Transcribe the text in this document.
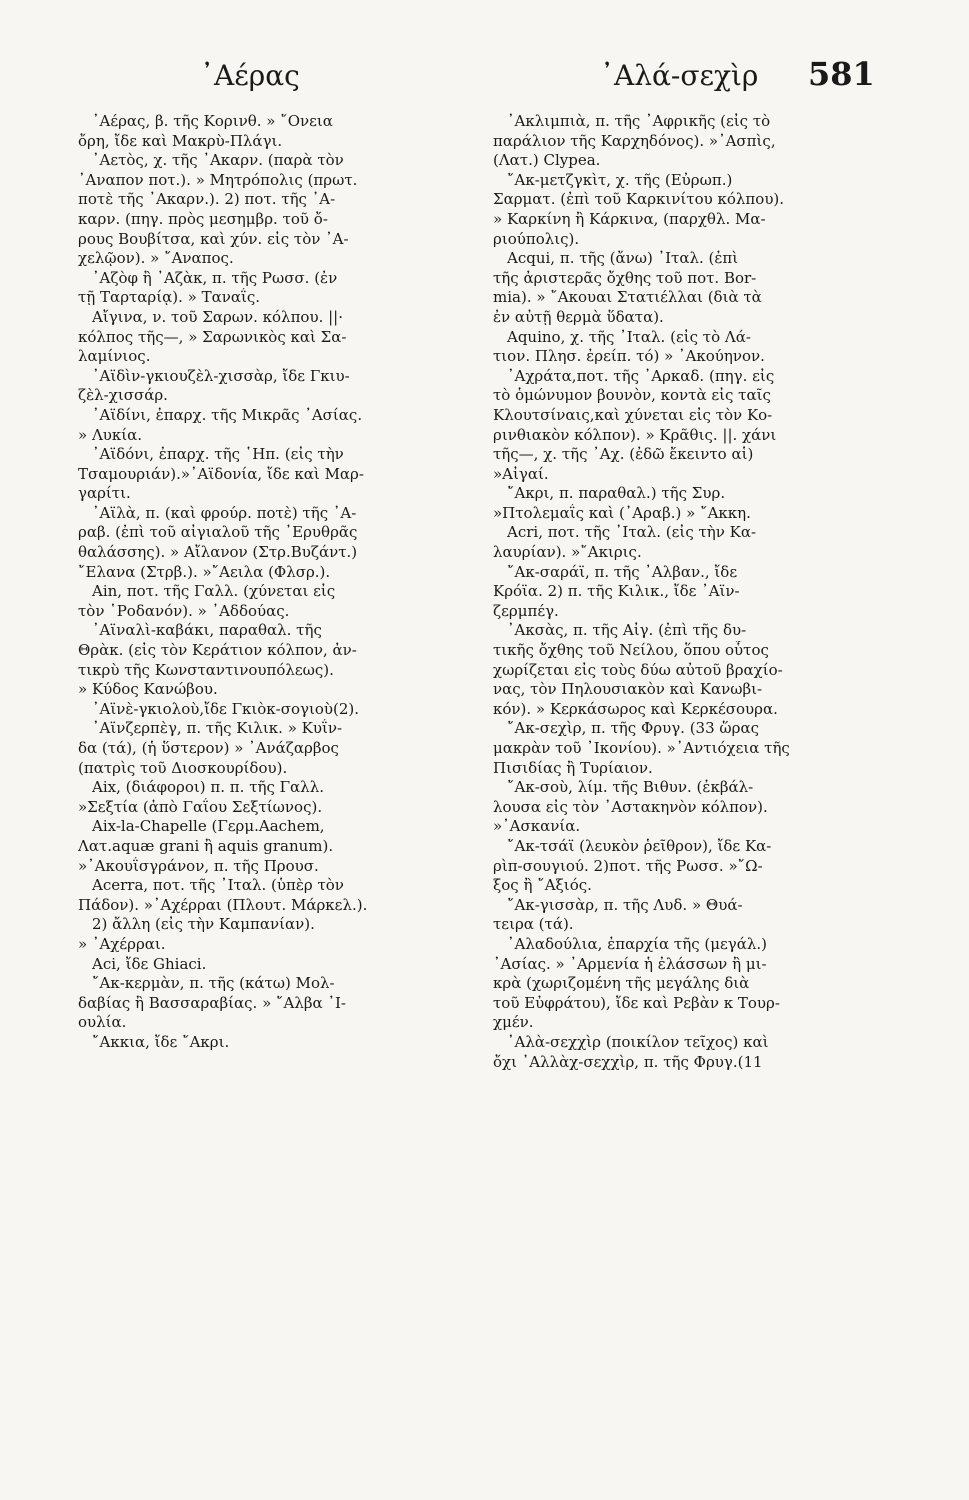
᾿Αέρας	᾿Αλά-σεχὶρ 581
᾿Αέρας, β. τῆς Κορινθ. » ῎Ονεια
ὄρη, ἴδε καὶ Μακρὺ-Πλάγι.
᾿Αετὸς, χ. τῆς ᾿Ακαρν. (παρὰ τὸν
᾿Αναπον ποτ.). » Μητρόπολις (πρωτ.
ποτὲ τῆς ᾿Ακαρν.). 2) ποτ. τῆς ᾿Α-
καρν. (πηγ. πρὸς μεσημβρ. τοῦ ὄ-
ρους Βουβίτσα, καὶ χύν. εἰς τὸν ᾿Α-
χελῷον). » ῎Αναπος.
᾿Αζὸφ ἢ ᾿Αζὰκ, π. τῆς Ρωσσ. (ἐν
τῇ Ταρταρίᾳ). » Ταναΐς.
Αἴγινα, ν. τοῦ Σαρων. κόλπου. ||·
κόλπος τῆς—, » Σαρωνικὸς καὶ Σα-
λαμίνιος.
᾿Αϊδὶν-γκιουζὲλ-χισσὰρ, ἴδε Γκιυ-
ζὲλ-χισσάρ.
᾿Αϊδίνι, ἐπαρχ. τῆς Μικρᾶς ᾿Ασίας.
» Λυκία.
᾿Αϊδόνι, ἐπαρχ. τῆς ῾Ηπ. (εἰς τὴν
Τσαμουριάν).»᾿Αϊδονία, ἴδε καὶ Μαρ-
γαρίτι.
᾿Αϊλὰ, π. (καὶ φρούρ. ποτὲ) τῆς ᾿Α-
ραβ. (ἐπὶ τοῦ αἰγιαλοῦ τῆς ᾿Ερυθρᾶς
θαλάσσης). » Αἴλανον (Στρ.Βυζάντ.)
῎Ελανα (Στρβ.). »῎Αειλα (Φλσρ.).
Ain, ποτ. τῆς Γαλλ. (χύνεται εἰς
τὸν ῾Ροδανόν). » ᾿Αδδούας.
᾿Αϊναλὶ-καβάκι, παραθαλ. τῆς
Θρὰκ. (εἰς τὸν Κεράτιον κόλπον, ἀν-
τικρὺ τῆς Κωνσταντινουπόλεως).
» Κύδος Κανώβου.
᾿Αϊνὲ-γκιολοὺ,ἴδε Γκιὸκ-σογιοὺ(2).
᾿Αϊνζερπὲγ, π. τῆς Κιλικ. » Κυΐν-
δα (τά), (ἡ ὕστερον) » ᾿Ανάζαρβος
(πατρὶς τοῦ Διοσκουρίδου).
Aix, (διάφοροι) π. π. τῆς Γαλλ.
»Σεξτία (ἀπὸ Γαΐου Σεξτίωνος).
Aix-la-Chapelle (Γερμ.Aachem,
Λατ.aquæ grani ἢ aquis granum).
»᾿Ακουΐσγράνον, π. τῆς Προυσ.
Acerra, ποτ. τῆς ᾿Ιταλ. (ὑπὲρ τὸν
Πάδον). »᾿Αχέρραι (Πλουτ. Μάρκελ.).
2) ἄλλη (εἰς τὴν Καμπανίαν).
» ᾿Αχέρραι.
Aci, ἴδε Ghiaci.
῎Ακ-κερμὰν, π. τῆς (κάτω) Μολ-
δαβίας ἢ Βασσαραβίας. » ῎Αλβα ᾿Ι-
ουλία.
῎Ακκια, ἴδε ῎Ακρι.
᾿Ακλιμπιὰ, π. τῆς ᾿Αφρικῆς (εἰς τὸ
παράλιον τῆς Καρχηδόνος). »᾿Ασπὶς,
(Λατ.) Clypea.
῎Ακ-μετζγκὶτ, χ. τῆς (Εὐρωπ.)
Σαρματ. (ἐπὶ τοῦ Καρκινίτου κόλπου).
» Καρκίνη ἢ Κάρκινα, (παρχθλ. Μα-
ριούπολις).
Acqui, π. τῆς (ἄνω) ᾿Ιταλ. (ἐπὶ
τῆς ἀριστερᾶς ὄχθης τοῦ ποτ. Bor-
mia). » ῎Ακουαι Στατιέλλαι (διὰ τὰ
ἐν αὐτῇ θερμὰ ὕδατα).
Aquino, χ. τῆς ᾿Ιταλ. (εἰς τὸ Λά-
τιον. Πλησ. ἐρείπ. τό) » ᾿Ακούηνον.
᾿Αχράτα,ποτ. τῆς ᾿Αρκαδ. (πηγ. εἰς
τὸ ὁμώνυμον βουνὸν, κοντὰ εἰς ταῖς
Κλουτσίναις,καὶ χύνεται εἰς τὸν Κο-
ρινθιακὸν κόλπον). » Κρᾶθις. ||. χάνι
τῆς—, χ. τῆς ᾿Αχ. (ἐδῶ ἔκειντο αἱ)
»Αἰγαί.
῎Ακρι, π. παραθαλ.) τῆς Συρ.
»Πτολεμαΐς καὶ (᾿Αραβ.) » ῎Ακκη.
Acri, ποτ. τῆς ᾿Ιταλ. (εἰς τὴν Κα-
λαυρίαν). »῎Ακιρις.
῎Ακ-σαράϊ, π. τῆς ᾿Αλβαν., ἴδε
Κρόϊα. 2) π. τῆς Κιλικ., ἴδε ᾿Αϊν-
ζερμπέγ.
᾿Ακσὰς, π. τῆς Αἰγ. (ἐπὶ τῆς δυ-
τικῆς ὄχθης τοῦ Νείλου, ὅπου οὗτος
χωρίζεται εἰς τοὺς δύω αὐτοῦ βραχίο-
νας, τὸν Πηλουσιακὸν καὶ Κανωβι-
κόν). » Κερκάσωρος καὶ Κερκέσουρα.
῎Ακ-σεχὶρ, π. τῆς Φρυγ. (33 ὥρας
μακρὰν τοῦ ᾿Ικονίου). »᾿Αντιόχεια τῆς
Πισιδίας ἢ Τυρίαιον.
῎Ακ-σοὺ, λίμ. τῆς Βιθυν. (ἐκβάλ-
λουσα εἰς τὸν ᾿Αστακηνὸν κόλπον).
»᾿Ασκανία.
῎Ακ-τσάϊ (λευκὸν ῥεῖθρον), ἴδε Κα-
ρὶπ-σουγιού. 2)ποτ. τῆς Ρωσσ. »῎Ω-
ξος ἢ ῎Αξιός.
῎Ακ-γισσὰρ, π. τῆς Λυδ. » Θυά-
τειρα (τά).
᾿Αλαδούλια, ἐπαρχία τῆς (μεγάλ.)
᾿Ασίας. » ᾿Αρμενία ἡ ἐλάσσων ἢ μι-
κρὰ (χωριζομένη τῆς μεγάλης διὰ
τοῦ Εὐφράτου), ἴδε καὶ Ρεβὰν κ Τουρ-
χμέν.
᾿Αλὰ-σεχχὶρ (ποικίλον τεῖχος) καὶ
ὄχι ᾿Αλλὰχ-σεχχὶρ, π. τῆς Φρυγ.(11
